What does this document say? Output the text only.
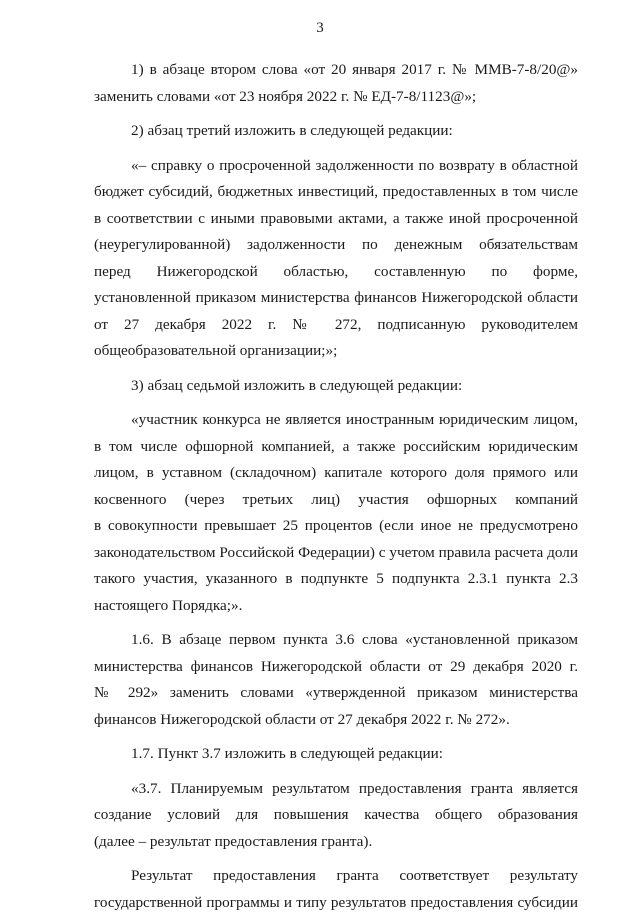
3
1) в абзаце втором слова «от 20 января 2017 г. № ММВ-7-8/20@»
заменить словами «от 23 ноября 2022 г. № ЕД-7-8/1123@»;
2) абзац третий изложить в следующей редакции:
«– справку о просроченной задолженности по возврату в областной
бюджет субсидий, бюджетных инвестиций, предоставленных в том числе
в соответствии с иными правовыми актами, а также иной просроченной
(неурегулированной) задолженности по денежным обязательствам
перед Нижегородской областью, составленную по форме,
установленной приказом министерства финансов Нижегородской области
от 27 декабря 2022 г. № 272, подписанную руководителем
общеобразовательной организации;»;
3) абзац седьмой изложить в следующей редакции:
«участник конкурса не является иностранным юридическим лицом,
в том числе офшорной компанией, а также российским юридическим
лицом, в уставном (складочном) капитале которого доля прямого или
косвенного (через третьих лиц) участия офшорных компаний
в совокупности превышает 25 процентов (если иное не предусмотрено
законодательством Российской Федерации) с учетом правила расчета доли
такого участия, указанного в подпункте 5 подпункта 2.3.1 пункта 2.3
настоящего Порядка;».
1.6. В абзаце первом пункта 3.6 слова «установленной приказом
министерства финансов Нижегородской области от 29 декабря 2020 г.
№ 292» заменить словами «утвержденной приказом министерства
финансов Нижегородской области от 27 декабря 2022 г. № 272».
1.7. Пункт 3.7 изложить в следующей редакции:
«3.7. Планируемым результатом предоставления гранта является
создание условий для повышения качества общего образования
(далее – результат предоставления гранта).
Результат предоставления гранта соответствует результату
государственной программы и типу результатов предоставления субсидии
